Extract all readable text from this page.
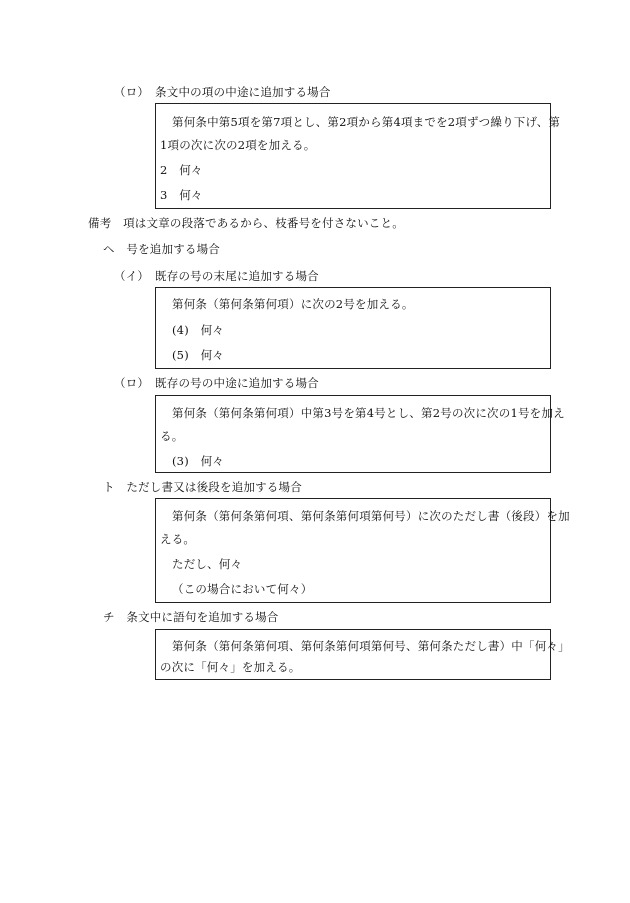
（ロ）　条文中の項の中途に追加する場合
第何条中第5項を第7項とし、第2項から第4項までを2項ずつ繰り下げ、第
1項の次に次の2項を加える。
2　何々
3　何々
備考　項は文章の段落であるから、枝番号を付さないこと。
ヘ　号を追加する場合
（イ）　既存の号の末尾に追加する場合
第何条（第何条第何項）に次の2号を加える。
(4)　何々
(5)　何々
（ロ）　既存の号の中途に追加する場合
第何条（第何条第何項）中第3号を第4号とし、第2号の次に次の1号を加え
る。
(3)　何々
ト　ただし書又は後段を追加する場合
第何条（第何条第何項、第何条第何項第何号）に次のただし書（後段）を加
える。
ただし、何々
（この場合において何々）
チ　条文中に語句を追加する場合
第何条（第何条第何項、第何条第何項第何号、第何条ただし書）中「何々」
の次に「何々」を加える。
